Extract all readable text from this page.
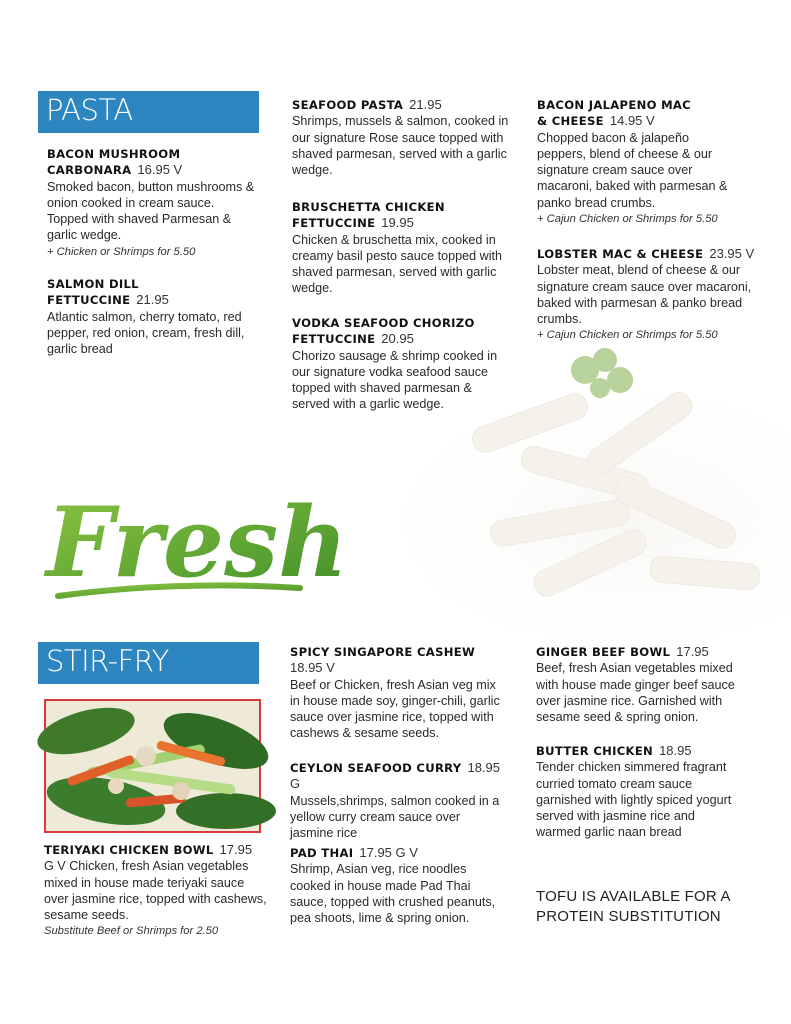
PASTA
BACON MUSHROOM
CARBONARA 16.95 V
Smoked bacon, button mushrooms & onion cooked in cream sauce. Topped with shaved Parmesan & garlic wedge.
+ Chicken or Shrimps for 5.50
SALMON DILL FETTUCCINE 21.95
Atlantic salmon, cherry tomato, red pepper, red onion, cream, fresh dill, garlic bread
SEAFOOD PASTA 21.95
Shrimps, mussels & salmon, cooked in our signature Rose sauce topped with shaved parmesan, served with a garlic wedge.
BRUSCHETTA CHICKEN
FETTUCCINE 19.95
Chicken & bruschetta mix, cooked in creamy basil pesto sauce topped with shaved parmesan, served with garlic wedge.
VODKA SEAFOOD CHORIZO
FETTUCCINE 20.95
Chorizo sausage & shrimp cooked in our signature vodka seafood sauce topped with shaved parmesan & served with a garlic wedge.
BACON JALAPENO MAC
& CHEESE 14.95 V
Chopped bacon & jalapeño peppers, blend of cheese & our signature cream sauce over macaroni, baked with parmesan & panko bread crumbs.
+ Cajun Chicken or Shrimps for 5.50
LOBSTER MAC & CHEESE 23.95 V
Lobster meat, blend of cheese & our signature cream sauce over macaroni, baked with parmesan & panko bread crumbs.
+ Cajun Chicken or Shrimps for 5.50
Fresh
STIR-FRY
TERIYAKI CHICKEN BOWL 17.95
G V Chicken, fresh Asian vegetables mixed in house made teriyaki sauce over jasmine rice, topped with cashews, sesame seeds.
Substitute Beef or Shrimps for 2.50
SPICY SINGAPORE CASHEW
18.95 V
Beef or Chicken, fresh Asian veg mix in house made soy, ginger-chili, garlic sauce over jasmine rice, topped with cashews & sesame seeds.
CEYLON SEAFOOD CURRY 18.95 G
Mussels,shrimps, salmon cooked in a yellow curry cream sauce over jasmine rice
PAD THAI 17.95 G V
Shrimp, Asian veg, rice noodles cooked in house made Pad Thai sauce, topped with crushed peanuts, pea shoots, lime & spring onion.
GINGER BEEF BOWL 17.95
Beef, fresh Asian vegetables mixed with house made ginger beef sauce over jasmine rice. Garnished with sesame seed & spring onion.
BUTTER CHICKEN 18.95
Tender chicken simmered fragrant curried tomato cream sauce garnished with lightly spiced yogurt served with jasmine rice and warmed garlic naan bread
TOFU IS AVAILABLE FOR A PROTEIN SUBSTITUTION
